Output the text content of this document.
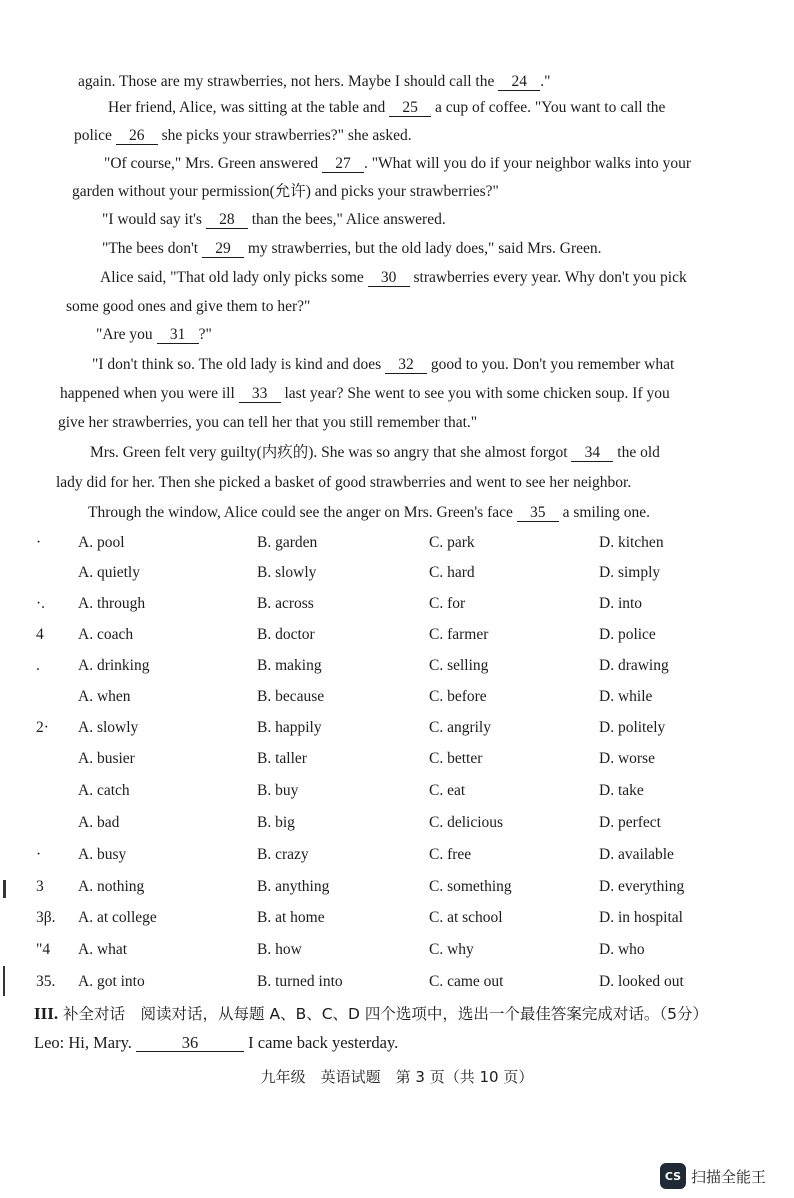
again. Those are my strawberries, not hers. Maybe I should call the 24 ."
Her friend, Alice, was sitting at the table and 25 a cup of coffee. "You want to call the
police 26 she picks your strawberries?" she asked.
"Of course," Mrs. Green answered 27 . "What will you do if your neighbor walks into your
garden without your permission(允许) and picks your strawberries?"
"I would say it's 28 than the bees," Alice answered.
"The bees don't 29 my strawberries, but the old lady does," said Mrs. Green.
Alice said, "That old lady only picks some 30 strawberries every year. Why don't you pick
some good ones and give them to her?"
"Are you 31 ?"
"I don't think so. The old lady is kind and does 32 good to you. Don't you remember what
happened when you were ill 33 last year? She went to see you with some chicken soup. If you
give her strawberries, you can tell her that you still remember that."
Mrs. Green felt very guilty(内疚的). She was so angry that she almost forgot 34 the old
lady did for her. Then she picked a basket of good strawberries and went to see her neighbor.
Through the window, Alice could see the anger on Mrs. Green's face 35 a smiling one.
·	A. pool	B. garden	C. park	D. kitchen
A. quietly	B. slowly	C. hard	D. simply
·.	A. through	B. across	C. for	D. into
4	A. coach	B. doctor	C. farmer	D. police
.	A. drinking	B. making	C. selling	D. drawing
A. when	B. because	C. before	D. while
2·	A. slowly	B. happily	C. angrily	D. politely
A. busier	B. taller	C. better	D. worse
A. catch	B. buy	C. eat	D. take
A. bad	B. big	C. delicious	D. perfect
·	A. busy	B. crazy	C. free	D. available
3	A. nothing	B. anything	C. something	D. everything
3β.	A. at college	B. at home	C. at school	D. in hospital
"4	A. what	B. how	C. why	D. who
35.	A. got into	B. turned into	C. came out	D. looked out
III. 补全对话　阅读对话，从每题 A、B、C、D 四个选项中，选出一个最佳答案完成对话。（5分）
Leo: Hi, Mary.	36	I came back yesterday.
九年级　英语试题　第 3 页（共 10 页）
CS 扫描全能王
